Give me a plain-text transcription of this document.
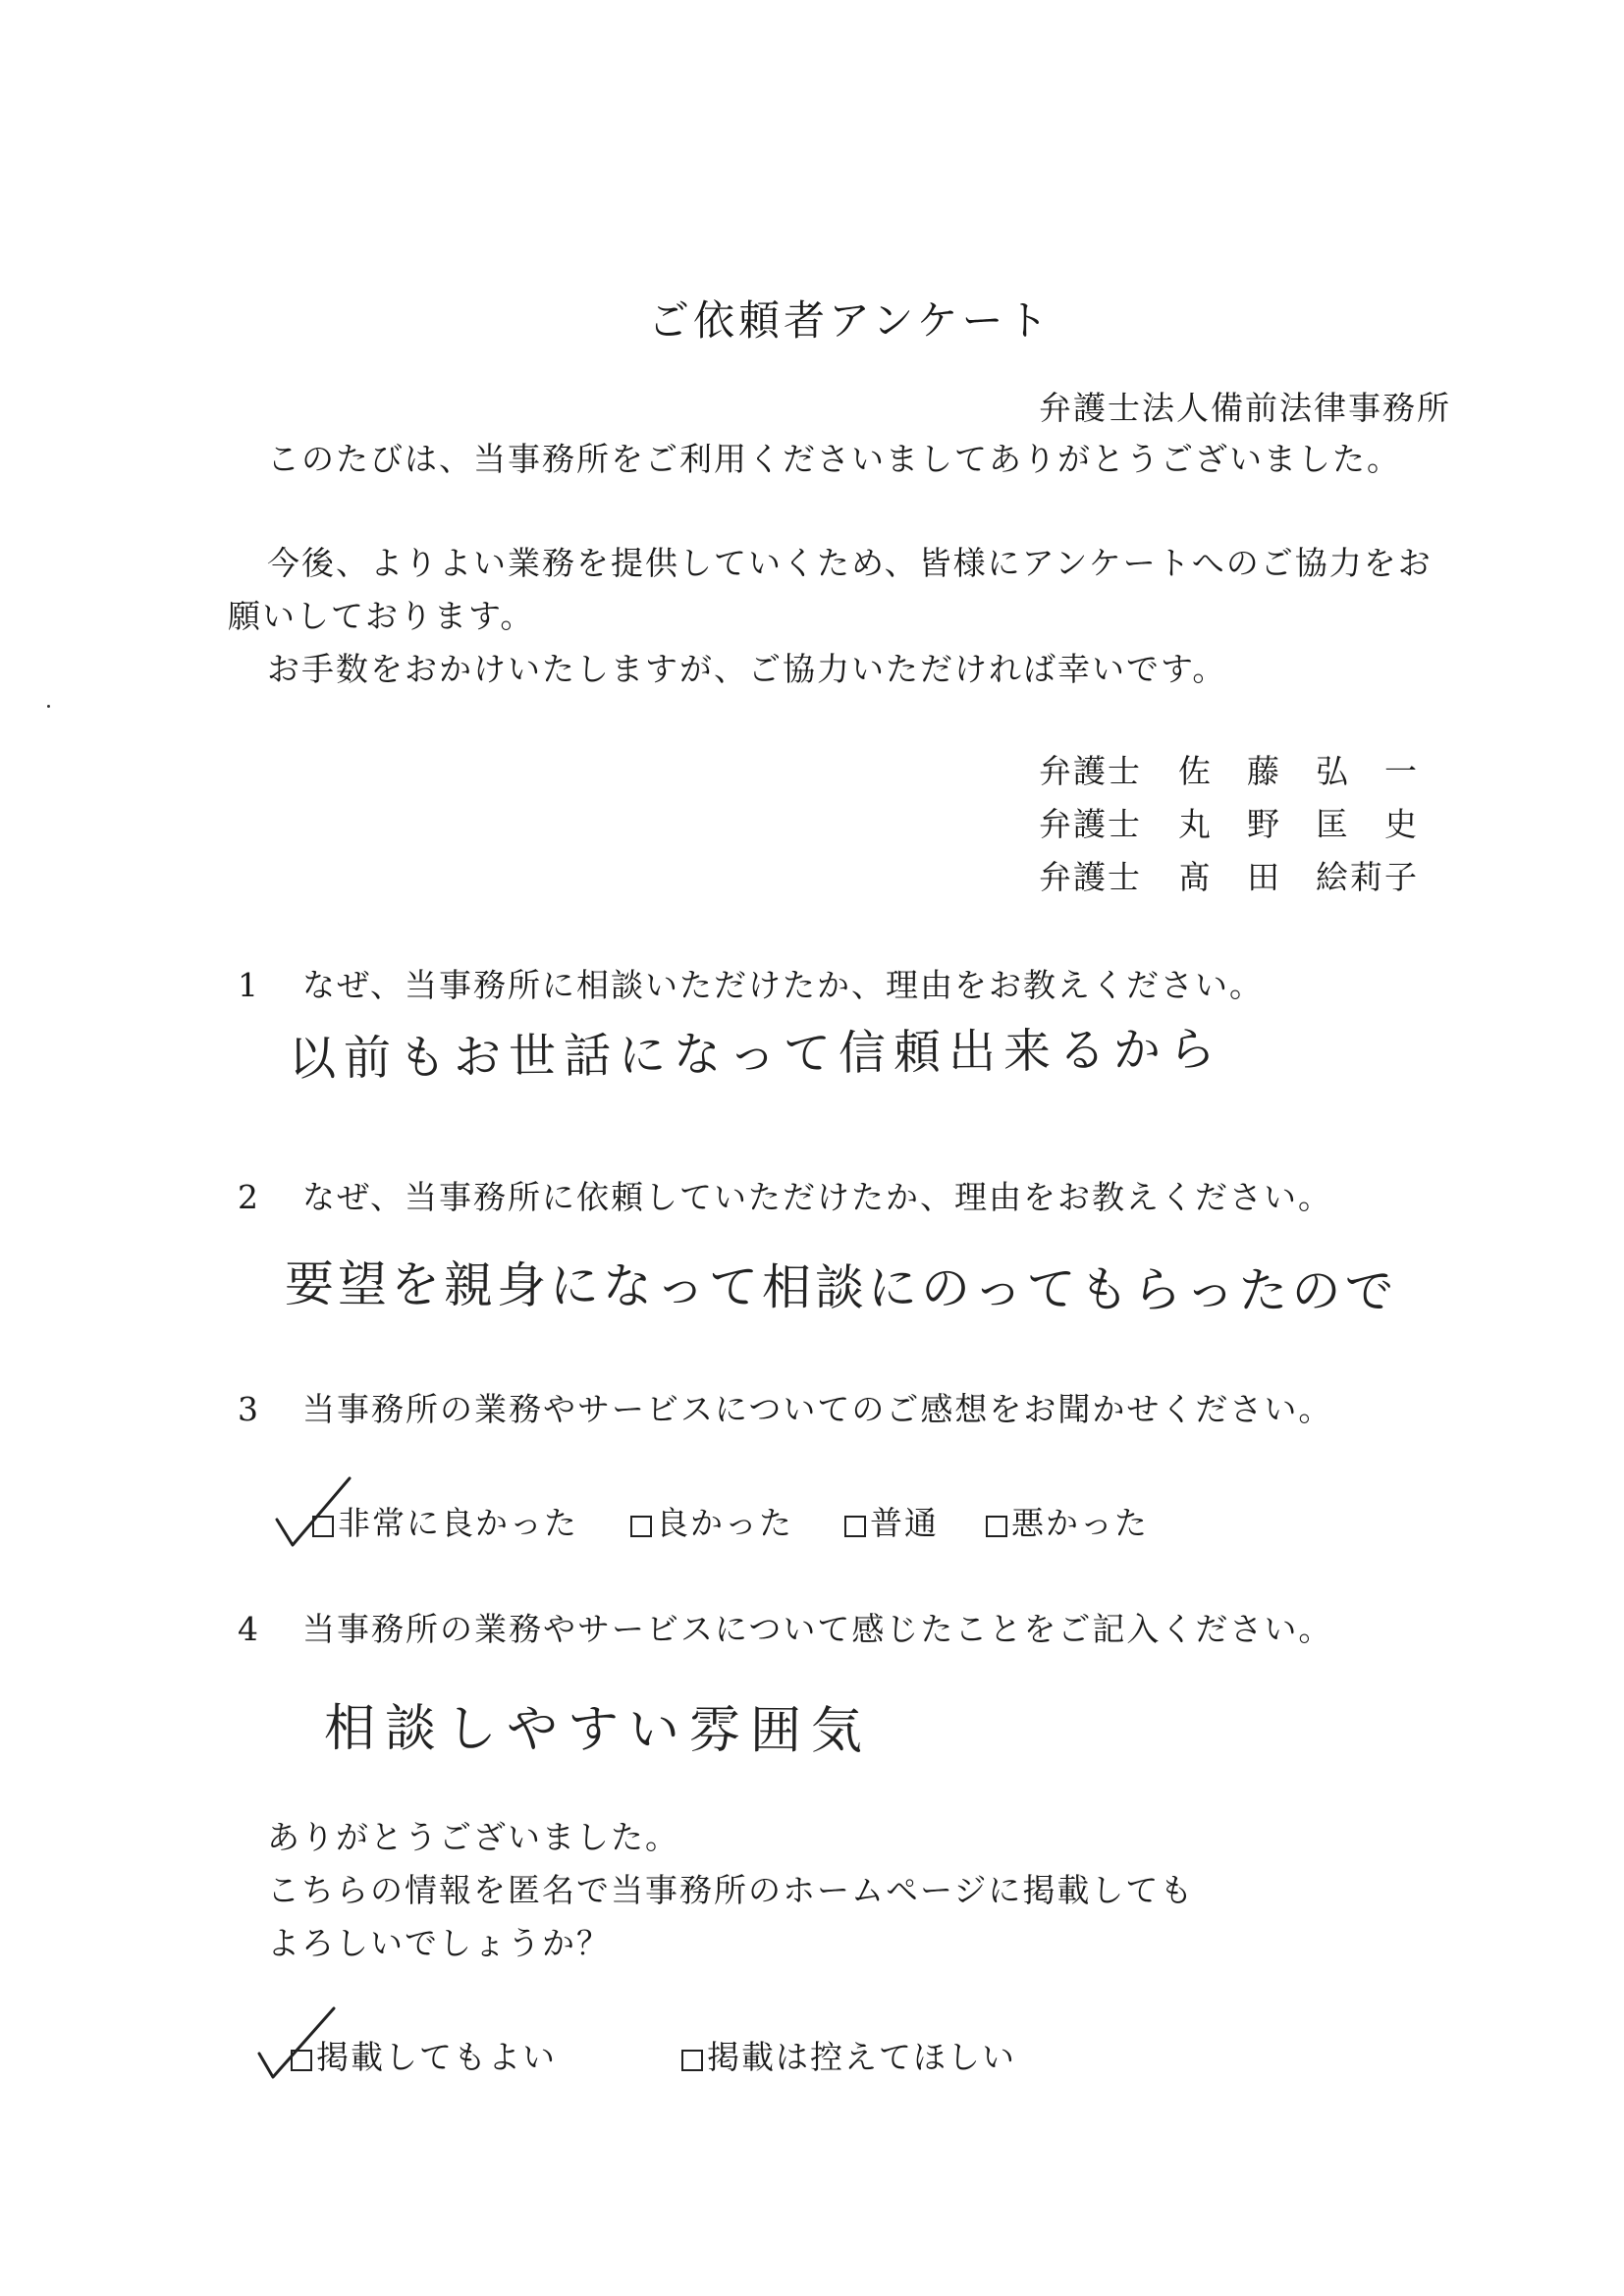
ご依頼者アンケート
弁護士法人備前法律事務所
このたびは、当事務所をご利用くださいましてありがとうございました。
今後、よりよい業務を提供していくため、皆様にアンケートへのご協力をお
願いしております。
お手数をおかけいたしますが、ご協力いただければ幸いです。
弁護士 佐　藤　弘　一
弁護士 丸　野　匡　史
弁護士 髙　田　絵莉子
1 なぜ、当事務所に相談いただけたか、理由をお教えください。
以前もお世話になって信頼出来るから
2 なぜ、当事務所に依頼していただけたか、理由をお教えください。
要望を親身になって相談にのってもらったので
3 当事務所の業務やサービスについてのご感想をお聞かせください。
非常に良かった	良かった	普通	悪かった
4 当事務所の業務やサービスについて感じたことをご記入ください。
相談しやすい雰囲気
ありがとうございました。
こちらの情報を匿名で当事務所のホームページに掲載しても
よろしいでしょうか？
掲載してもよい	掲載は控えてほしい
